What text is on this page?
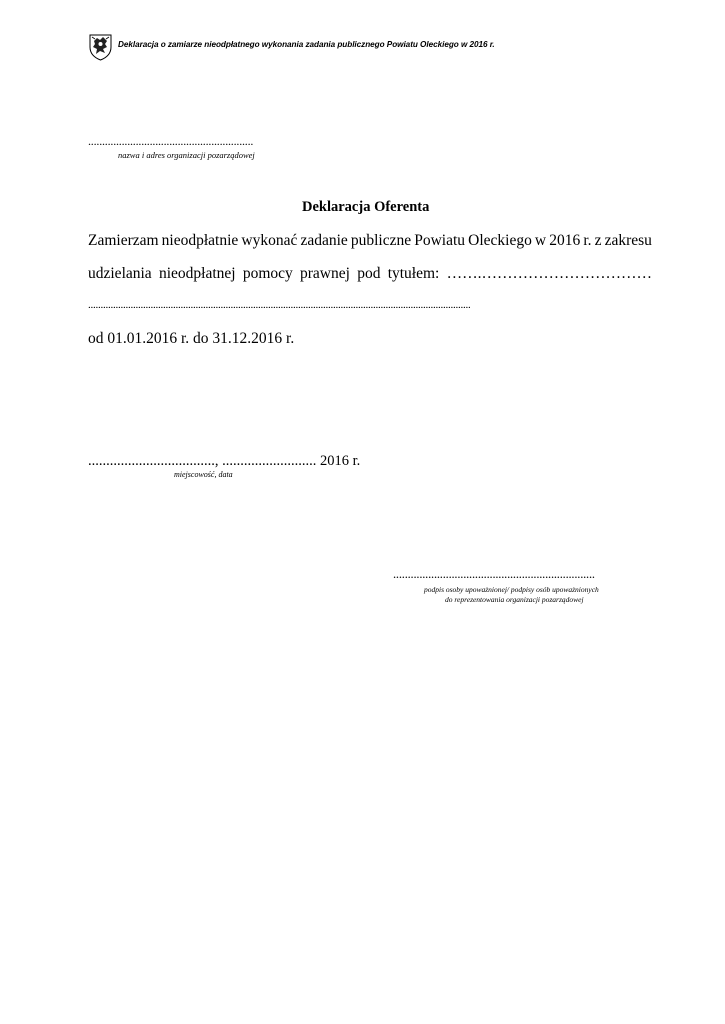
Deklaracja o zamiarze nieodpłatnego wykonania zadania publicznego Powiatu Oleckiego w 2016 r.
...........................................................
nazwa i adres organizacji pozarządowej
Deklaracja Oferenta
Zamierzam nieodpłatnie wykonać zadanie publiczne Powiatu Oleckiego w 2016 r. z zakresu
udzielania nieodpłatnej pomocy prawnej pod tytułem: …….……………………………
.........................................................................................................................................................
od 01.01.2016 r. do 31.12.2016 r.
..................................., .......................... 2016 r.
miejscowość, data
.....................................................................
podpis osoby upoważnionej/ podpisy osób upoważnionych
do reprezentowania organizacji pozarządowej
